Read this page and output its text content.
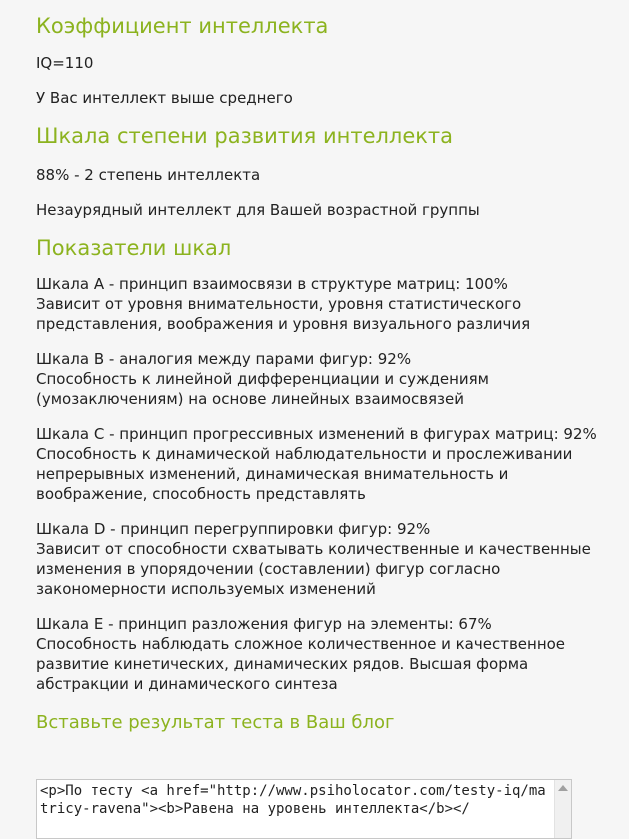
Коэффициент интеллекта

IQ=110

У Вас интеллект выше среднего

Шкала степени развития интеллекта

88% - 2 степень интеллекта

Незаурядный интеллект для Вашей возрастной группы

Показатели шкал

Шкала A - принцип взаимосвязи в структуре матриц: 100%

Зависит от уровня внимательности, уровня статистического представления, воображения и уровня визуального различия

Шкала B - аналогия между парами фигур: 92%

Способность к линейной дифференциации и суждениям (умозаключениям) на основе линейных взаимосвязей

Шкала C - принцип прогрессивных изменений в фигурах матриц: 92%

Способность к динамической наблюдательности и прослеживании непрерывных изменений, динамическая внимательность и воображение, способность представлять

Шкала D - принцип перегруппировки фигур: 92%

Зависит от способности схватывать количественные и качественные изменения в упорядочении (составлении) фигур согласно закономерности используемых изменений

Шкала E - принцип разложения фигур на элементы: 67%

Способность наблюдать сложное количественное и качественное развитие кинетических, динамических рядов. Высшая форма абстракции и динамического синтеза

Вставьте результат теста в Ваш блог
<p>По тесту <a href="http://www.psiholocator.com/testy-iq/matricy-ravena"><b>Равена на уровень интеллекта</b></
